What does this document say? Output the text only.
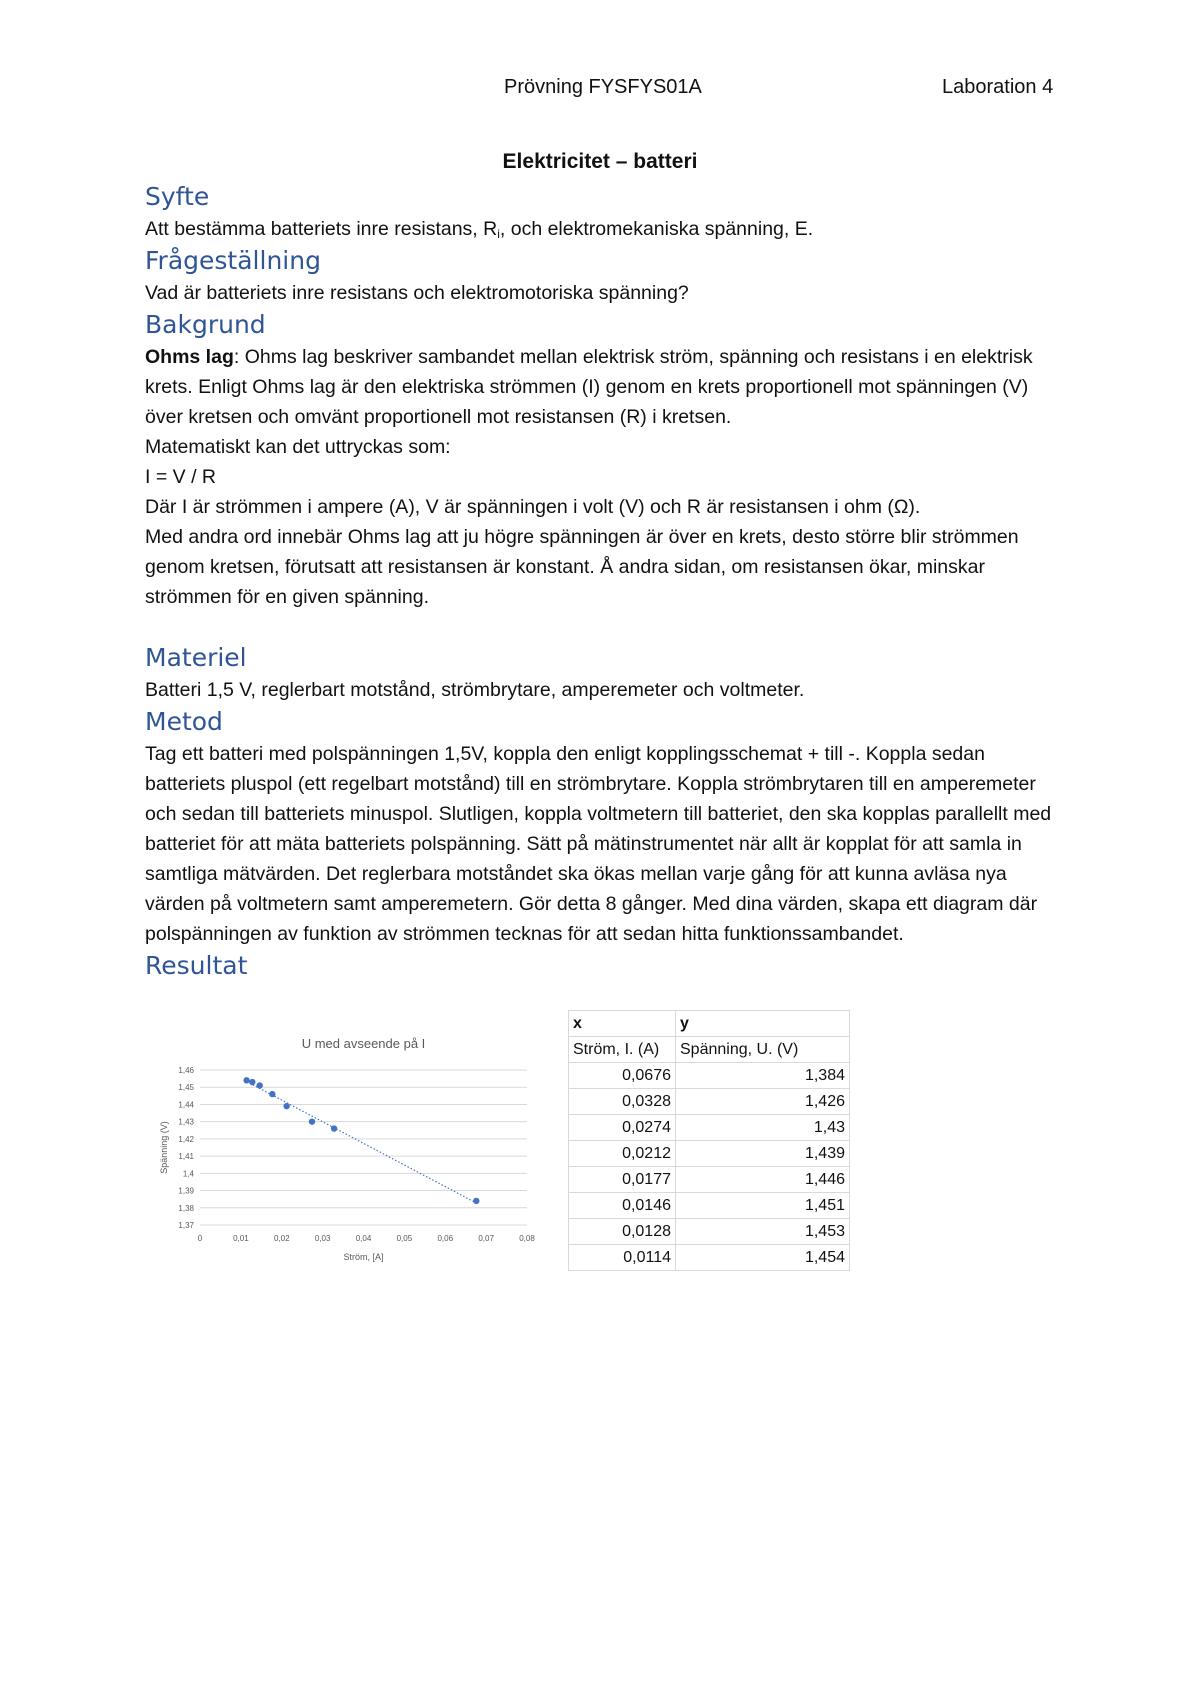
Prövning FYSFYS01A	Laboration 4
Elektricitet – batteri
Syfte

Att bestämma batteriets inre resistans, $R_i$, och elektromekaniska spänning, E.

Frågeställning

Vad är batteriets inre resistans och elektromotoriska spänning?

Bakgrund

Ohms lag: Ohms lag beskriver sambandet mellan elektrisk ström, spänning och resistans i en elektrisk krets. Enligt Ohms lag är den elektriska strömmen (I) genom en krets proportionell mot spänningen (V) över kretsen och omvänt proportionell mot resistansen (R) i kretsen.

Matematiskt kan det uttryckas som:

I = V / R

Där I är strömmen i ampere (A), V är spänningen i volt (V) och R är resistansen i ohm (Ω).

Med andra ord innebär Ohms lag att ju högre spänningen är över en krets, desto större blir strömmen genom kretsen, förutsatt att resistansen är konstant. Å andra sidan, om resistansen ökar, minskar strömmen för en given spänning.

Materiel

Batteri 1,5 V, reglerbart motstånd, strömbrytare, amperemeter och voltmeter.

Metod

Tag ett batteri med polspänningen 1,5V, koppla den enligt kopplingsschemat + till -. Koppla sedan batteriets pluspol (ett regelbart motstånd) till en strömbrytare. Koppla strömbrytaren till en amperemeter och sedan till batteriets minuspol. Slutligen, koppla voltmetern till batteriet, den ska kopplas parallellt med batteriet för att mäta batteriets polspänning. Sätt på mätinstrumentet när allt är kopplat för att samla in samtliga mätvärden. Det reglerbara motståndet ska ökas mellan varje gång för att kunna avläsa nya värden på voltmetern samt amperemetern. Gör detta 8 gånger. Med dina värden, skapa ett diagram där polspänningen av funktion av strömmen tecknas för att sedan hitta funktionssambandet.

Resultat
U med avseende på I
1,37
1,38
1,39
1,4
1,41
1,42
1,43
1,44
1,45
1,46
0	0,01	0,02	0,03	0,04	0,05	0,06	0,07	0,08
Ström, [A]
Spänning (V)
x	y
Ström, I. (A)	Spänning, U. (V)
0,0676	1,384
0,0328	1,426
0,0274	1,43
0,0212	1,439
0,0177	1,446
0,0146	1,451
0,0128	1,453
0,0114	1,454
